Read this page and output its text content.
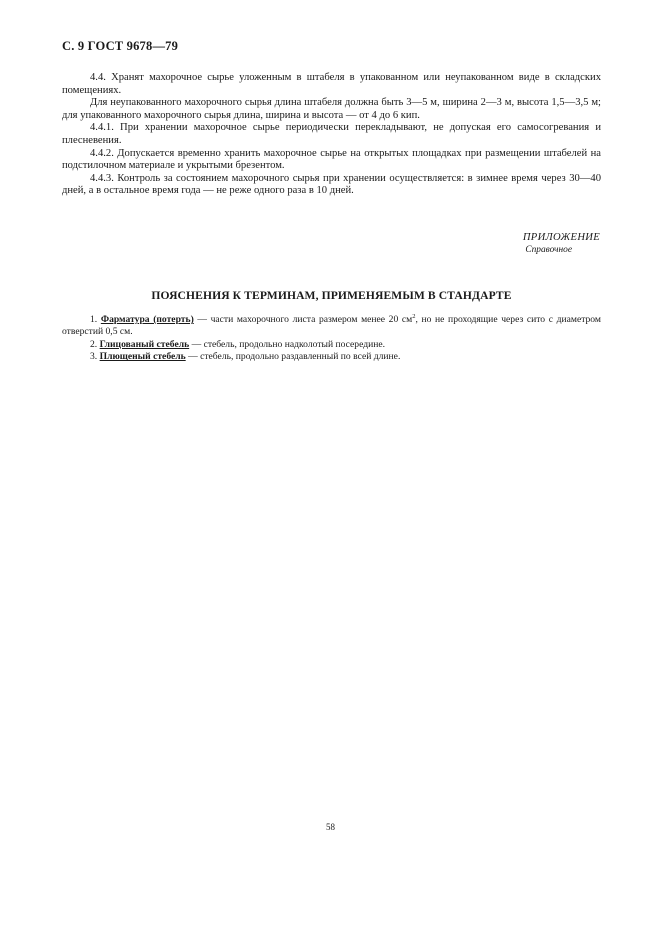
С. 9 ГОСТ 9678—79

4.4. Хранят махорочное сырье уложенным в штабеля в упакованном или неупакованном виде в складских помещениях.

Для неупакованного махорочного сырья длина штабеля должна быть 3—5 м, ширина 2—3 м, высота 1,5—3,5 м; для упакованного махорочного сырья длина, ширина и высота — от 4 до 6 кип.

4.4.1. При хранении махорочное сырье периодически перекладывают, не допуская его самосогревания и плесневения.

4.4.2. Допускается временно хранить махорочное сырье на открытых площадках при размещении штабелей на подстилочном материале и укрытыми брезентом.

4.4.3. Контроль за состоянием махорочного сырья при хранении осуществляется: в зимнее время через 30—40 дней, а в остальное время года — не реже одного раза в 10 дней.

ПРИЛОЖЕНИЕ
Справочное
ПОЯСНЕНИЯ К ТЕРМИНАМ, ПРИМЕНЯЕМЫМ В СТАНДАРТЕ

1. Фарматура (потерть) — части махорочного листа размером менее 20 $см^2$, но не проходящие через сито с диаметром отверстий 0,5 см.

2. Глицованый стебель — стебель, продольно надколотый посередине.

3. Плющеный стебель — стебель, продольно раздавленный по всей длине.

58
